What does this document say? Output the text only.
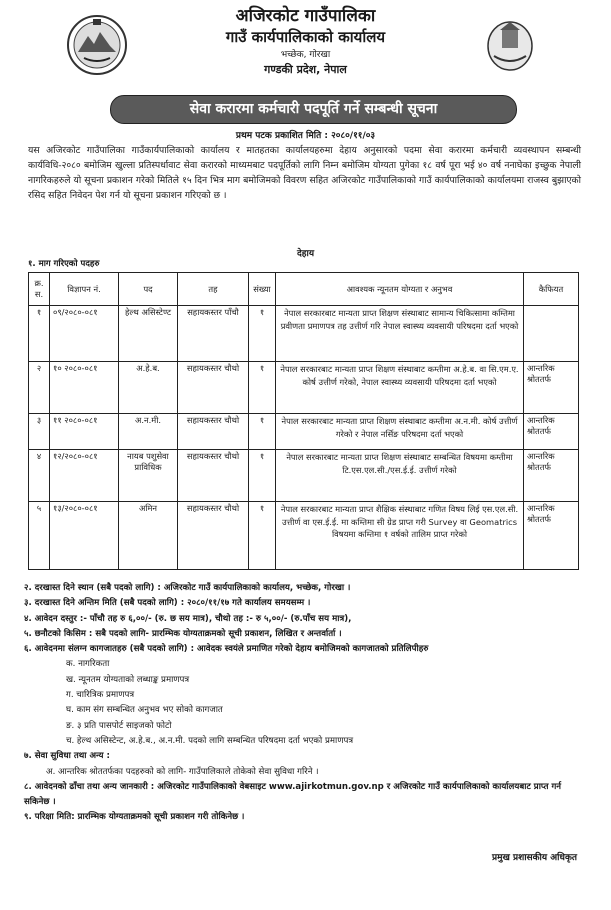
अजिरकोट गाउँपालिका
गाउँ कार्यपालिकाको कार्यालय
भच्छेक, गोरखा
गण्डकी प्रदेश, नेपाल
सेवा करारमा कर्मचारी पदपूर्ति गर्ने सम्बन्धी सूचना
प्रथम पटक प्रकाशित मिति : २०८०/११/०३
यस अजिरकोट गाउँपालिका गाउँकार्यपालिकाको कार्यालय र मातहतका कार्यालयहरुमा देहाय अनुसारको पदमा सेवा करारमा कर्मचारी व्यवस्थापन सम्बन्धी कार्यविधि-२०८० बमोजिम खुल्ला प्रतिस्पर्धावाट सेवा करारको माध्यमबाट पदपूर्तिको लागि निम्न बमोजिम योग्यता पुगेका १८ वर्ष पूरा भई ४० वर्ष ननाघेका इच्छुक नेपाली नागरिकहरुले यो सूचना प्रकाशन गरेको मितिले १५ दिन भित्र माग बमोजिमको विवरण सहित अजिरकोट गाउँपालिकाको गाउँ कार्यपालिकाको कार्यालयमा राजस्व बुझाएको रसिद सहित निवेदन पेश गर्न यो सूचना प्रकाशन गरिएको छ ।
देहाय
१. माग गरिएको पदहरु
क्र. स.	विज्ञापन नं.	पद	तह	संख्या	आवश्यक न्यूनतम योग्यता र अनुभव	कैफियत
१	०९/२०८०-०८१	हेल्थ असिस्टेण्ट	सहायकस्तर पाँचौ	१	नेपाल सरकारबाट मान्यता प्राप्त शिक्षण संस्थाबाट सामान्य चिकित्सामा कम्तिमा प्रवीणता प्रमाणपत्र तह उत्तीर्ण गरि नेपाल स्वास्थ्य व्यवसायी परिषदमा दर्ता भएको	
२	१० २०८०-०८१	अ.हे.ब.	सहायकस्तर चौथो	१	नेपाल सरकारबाट मान्यता प्राप्त शिक्षण संस्थाबाट कम्तीमा अ.हे.ब. वा सि.एम.ए. कोर्ष उत्तीर्ण गरेको, नेपाल स्वास्थ्य व्यवसायी परिषदमा दर्ता भएको	आन्तरिक श्रोततर्फ
३	११ २०८०-०८१	अ.न.मी.	सहायकस्तर चौथो	१	नेपाल सरकारबाट मान्यता प्राप्त शिक्षण संस्थाबाट कम्तीमा अ.न.मी. कोर्ष उत्तीर्ण गरेको र नेपाल नर्सिङ परिषदमा दर्ता भएको	आन्तरिक श्रोततर्फ
४	१२/२०८०-०८१	नायब पशुसेवा प्राविधिक	सहायकस्तर चौथो	१	नेपाल सरकारबाट मान्यता प्राप्त शिक्षण संस्थाबाट सम्बन्धित विषयमा कम्तीमा टि.एस.एल.सी./एस.ई.ई. उत्तीर्ण गरेको	आन्तरिक श्रोततर्फ
५	१३/२०८०-०८१	अमिन	सहायकस्तर चौथो	१	नेपाल सरकारबाट मान्यता प्राप्त शैक्षिक संस्थाबाट गणित विषय लिई एस.एल.सी. उत्तीर्ण वा एस.ई.ई. मा कम्तिमा सी ग्रेड प्राप्त गरी Survey वा Geomatrics विषयमा कम्तिमा १ वर्षको तालिम प्राप्त गरेको	आन्तरिक श्रोततर्फ
२. दरखास्त दिने स्थान (सबै पदको लागि) : अजिरकोट गाउँ कार्यपालिकाको कार्यालय, भच्छेक, गोरखा ।
३. दरखास्त दिने अन्तिम मिति (सबै पदको लागि) : २०८०/११/१७ गते कार्यालय समयसम्म ।
४. आवेदन दस्तुर :- पाँचौ तह रु ६,००/- (रु. छ सय मात्र), चौथो तह :- रु ५,००/- (रु.पाँच सय मात्र),
५. छनौटको किसिम : सबै पदको लागि- प्रारम्भिक योग्यताक्रमको सूची प्रकाशन, लिखित र अन्तर्वार्ता ।
६. आवेदनमा संलग्न कागजातहरु (सबै पदको लागि) : आवेदक स्वयंले प्रमाणित गरेको देहाय बमोजिमको कागजातको प्रतिलिपीहरु
क. नागरिकता
ख. न्यूनतम योग्यताको लब्धाङ्क प्रमाणपत्र
ग. चारित्रिक प्रमाणपत्र
घ. काम संग सम्बन्धित अनुभव भए सोको कागजात
ङ. ३ प्रति पासपोर्ट साइजको फोटो
च. हेल्थ असिस्टेन्ट, अ.हे.ब., अ.न.मी. पदको लागि सम्बन्धित परिषदमा दर्ता भएको प्रमाणपत्र
७. सेवा सुविधा तथा अन्य :
अ. आन्तरिक श्रोततर्फका पदहरुको को लागि- गाउँपालिकाले तोकेको सेवा सुविधा गरिने ।
८. आवेदनको ढाँचा तथा अन्य जानकारी : अजिरकोट गाउँपालिकाको वेबसाइट www.ajirkotmun.gov.np र अजिरकोट गाउँ कार्यपालिकाको कार्यालयबाट प्राप्त गर्न सकिनेछ ।
९. परिक्षा मिति: प्रारम्भिक योग्यताक्रमको सूची प्रकाशन गरी तोकिनेछ ।
प्रमुख प्रशासकीय अधिकृत
